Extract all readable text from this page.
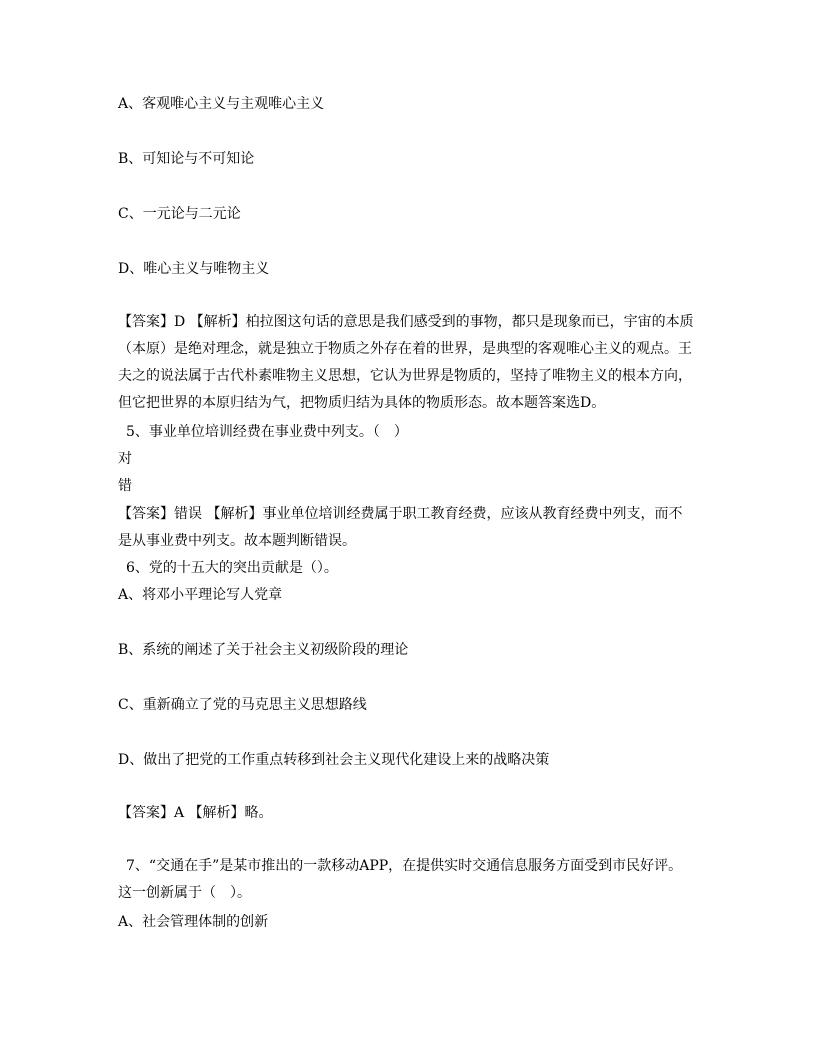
A、客观唯心主义与主观唯心主义
B、可知论与不可知论
C、一元论与二元论
D、唯心主义与唯物主义
【答案】D 【解析】柏拉图这句话的意思是我们感受到的事物，都只是现象而已，宇宙的本质
（本原）是绝对理念，就是独立于物质之外存在着的世界，是典型的客观唯心主义的观点。王
夫之的说法属于古代朴素唯物主义思想，它认为世界是物质的，坚持了唯物主义的根本方向，
但它把世界的本原归结为气，把物质归结为具体的物质形态。故本题答案选D。
5、事业单位培训经费在事业费中列支。（　）
对
错
【答案】错误 【解析】事业单位培训经费属于职工教育经费，应该从教育经费中列支，而不
是从事业费中列支。故本题判断错误。
6、党的十五大的突出贡献是（）。
A、将邓小平理论写人党章
B、系统的阐述了关于社会主义初级阶段的理论
C、重新确立了党的马克思主义思想路线
D、做出了把党的工作重点转移到社会主义现代化建设上来的战略决策
【答案】A 【解析】略。
7、“交通在手”是某市推出的一款移动APP，在提供实时交通信息服务方面受到市民好评。
这一创新属于（　）。
A、社会管理体制的创新
